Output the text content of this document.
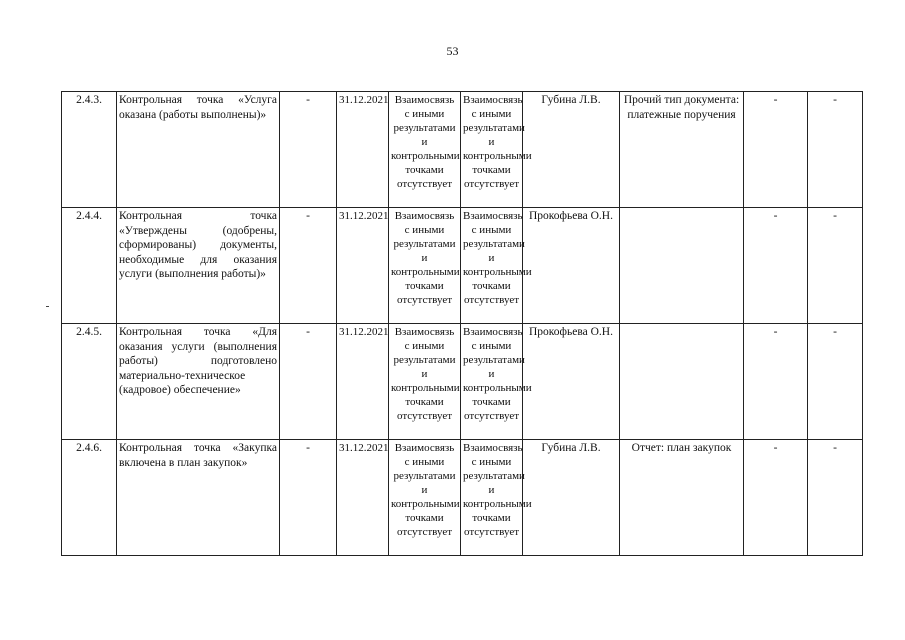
53
2.4.3.	Контрольная точка «Услуга оказана (работы выполнены)»	-	31.12.2021	Взаимосвязь с иными результатами и контрольными точками отсутствует	Взаимосвязь с иными результатами и контрольными точками отсутствует	Губина Л.В.	Прочий тип документа: платежные поручения	-	-
2.4.4.	Контрольная точка «Утверждены (одобрены, сформированы) документы, необходимые для оказания услуги (выполнения работы)»	-	31.12.2021	Взаимосвязь с иными результатами и контрольными точками отсутствует	Взаимосвязь с иными результатами и контрольными точками отсутствует	Прокофьева О.Н.		-	-
2.4.5.	Контрольная точка «Для оказания услуги (выполнения работы) подготовлено материально-техническое (кадровое) обеспечение»	-	31.12.2021	Взаимосвязь с иными результатами и контрольными точками отсутствует	Взаимосвязь с иными результатами и контрольными точками отсутствует	Прокофьева О.Н.		-	-
2.4.6.	Контрольная точка «Закупка включена в план закупок»	-	31.12.2021	Взаимосвязь с иными результатами и контрольными точками отсутствует	Взаимосвязь с иными результатами и контрольными точками отсутствует	Губина Л.В.	Отчет: план закупок	-	-
